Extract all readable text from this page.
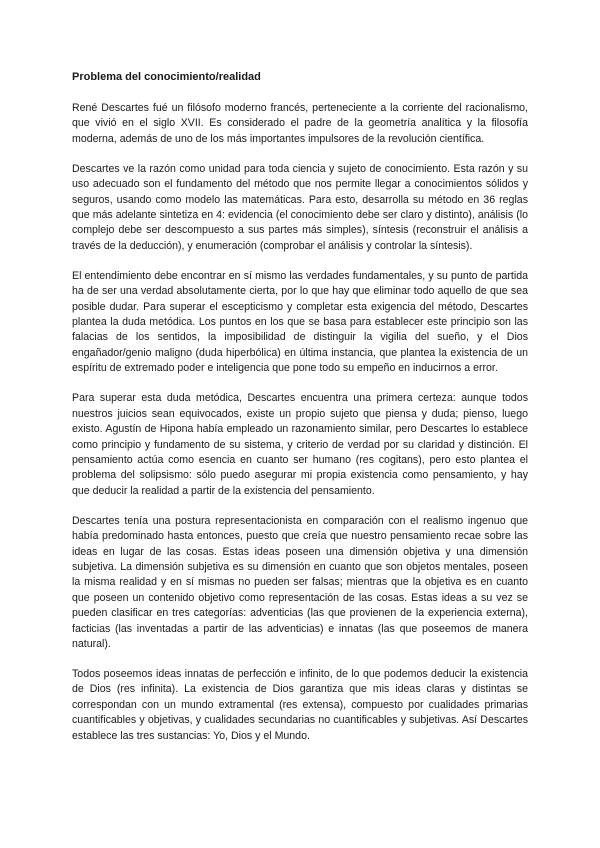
Problema del conocimiento/realidad

René Descartes fué un filósofo moderno francés, perteneciente a la corriente del racionalismo, que vivió en el siglo XVII. Es considerado el padre de la geometría analítica y la filosofía moderna, además de uno de los más importantes impulsores de la revolución científica.

Descartes ve la razón como unidad para toda ciencia y sujeto de conocimiento. Esta razón y su uso adecuado son el fundamento del método que nos permite llegar a conocimientos sólidos y seguros, usando como modelo las matemáticas. Para esto, desarrolla su método en 36 reglas que más adelante sintetiza en 4: evidencia (el conocimiento debe ser claro y distinto), análisis (lo complejo debe ser descompuesto a sus partes más simples), síntesis (reconstruir el análisis a través de la deducción), y enumeración (comprobar el análisis y controlar la síntesis).

El entendimiento debe encontrar en sí mismo las verdades fundamentales, y su punto de partida ha de ser una verdad absolutamente cierta, por lo que hay que eliminar todo aquello de que sea posible dudar. Para superar el escepticismo y completar esta exigencia del método, Descartes plantea la duda metódica. Los puntos en los que se basa para establecer este principio son las falacias de los sentidos, la imposibilidad de distinguir la vigilia del sueño, y el Dios engañador/genio maligno (duda hiperbólica) en última instancia, que plantea la existencia de un espíritu de extremado poder e inteligencia que pone todo su empeño en inducirnos a error.

Para superar esta duda metódica, Descartes encuentra una primera certeza: aunque todos nuestros juicios sean equivocados, existe un propio sujeto que piensa y duda; pienso, luego existo. Agustín de Hipona había empleado un razonamiento similar, pero Descartes lo establece como principio y fundamento de su sistema, y criterio de verdad por su claridad y distinción. El pensamiento actúa como esencia en cuanto ser humano (res cogitans), pero esto plantea el problema del solipsismo: sólo puedo asegurar mi propia existencia como pensamiento, y hay que deducir la realidad a partir de la existencia del pensamiento.

Descartes tenía una postura representacionista en comparación con el realismo ingenuo que había predominado hasta entonces, puesto que creía que nuestro pensamiento recae sobre las ideas en lugar de las cosas. Estas ideas poseen una dimensión objetiva y una dimensión subjetiva. La dimensión subjetiva es su dimensión en cuanto que son objetos mentales, poseen la misma realidad y en sí mismas no pueden ser falsas; mientras que la objetiva es en cuanto que poseen un contenido objetivo como representación de las cosas. Estas ideas a su vez se pueden clasificar en tres categorías: adventicias (las que provienen de la experiencia externa), facticias (las inventadas a partir de las adventicias) e innatas (las que poseemos de manera natural).

Todos poseemos ideas innatas de perfección e infinito, de lo que podemos deducir la existencia de Dios (res infinita). La existencia de Dios garantiza que mis ideas claras y distintas se correspondan con un mundo extramental (res extensa), compuesto por cualidades primarias cuantificables y objetivas, y cualidades secundarias no cuantificables y subjetivas. Así Descartes establece las tres sustancias: Yo, Dios y el Mundo.
